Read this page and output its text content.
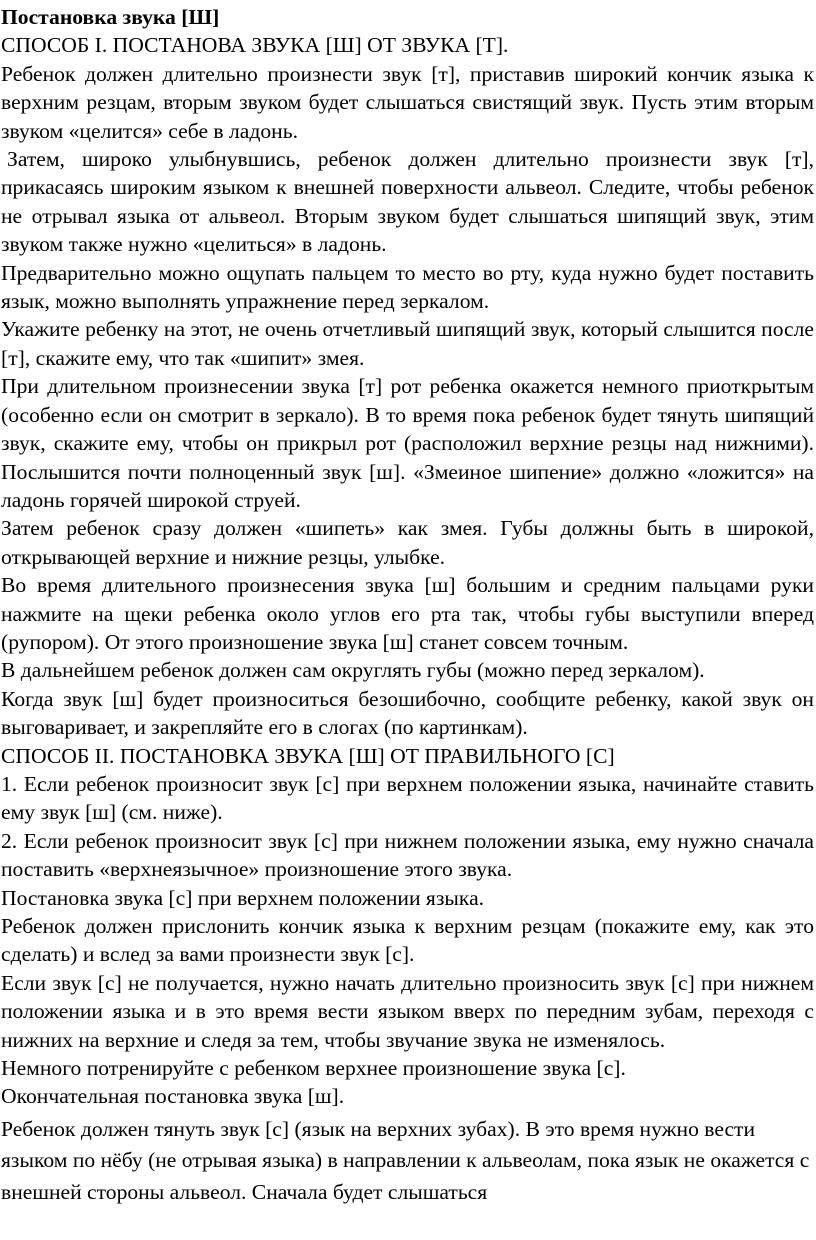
Постановка звука [Ш]

СПОСОБ I. ПОСТАНОВА ЗВУКА [Ш] ОТ ЗВУКА [Т].

Ребенок должен длительно произнести звук [т], приставив широкий кончик языка к верхним резцам, вторым звуком будет слышаться свистящий звук. Пусть этим вторым звуком «целится» себе в ладонь.

Затем, широко улыбнувшись, ребенок должен длительно произнести звук [т], прикасаясь широким языком к внешней поверхности альвеол. Следите, чтобы ребенок не отрывал языка от альвеол. Вторым звуком будет слышаться шипящий звук, этим звуком также нужно «целиться» в ладонь.

Предварительно можно ощупать пальцем то место во рту, куда нужно будет поставить язык, можно выполнять упражнение перед зеркалом.

Укажите ребенку на этот, не очень отчетливый шипящий звук, который слышится после [т], скажите ему, что так «шипит» змея.

При длительном произнесении звука [т] рот ребенка окажется немного приоткрытым (особенно если он смотрит в зеркало). В то время пока ребенок будет тянуть шипящий звук, скажите ему, чтобы он прикрыл рот (расположил верхние резцы над нижними). Послышится почти полноценный звук [ш]. «Змеиное шипение» должно «ложится» на ладонь горячей широкой струей.

Затем ребенок сразу должен «шипеть» как змея. Губы должны быть в широкой, открывающей верхние и нижние резцы, улыбке.

Во время длительного произнесения звука [ш] большим и средним пальцами руки нажмите на щеки ребенка около углов его рта так, чтобы губы выступили вперед (рупором). От этого произношение звука [ш] станет совсем точным.

В дальнейшем ребенок должен сам округлять губы (можно перед зеркалом).

Когда звук [ш] будет произноситься безошибочно, сообщите ребенку, какой звук он выговаривает, и закрепляйте его в слогах (по картинкам).

СПОСОБ II. ПОСТАНОВКА ЗВУКА [Ш] ОТ ПРАВИЛЬНОГО [С]

1. Если ребенок произносит звук [с] при верхнем положении языка, начинайте ставить ему звук [ш] (см. ниже).

2. Если ребенок произносит звук [с] при нижнем положении языка, ему нужно сначала поставить «верхнеязычное» произношение этого звука.

Постановка звука [с] при верхнем положении языка.

Ребенок должен прислонить кончик языка к верхним резцам (покажите ему, как это сделать) и вслед за вами произнести звук [с].

Если звук [с] не получается, нужно начать длительно произносить звук [с] при нижнем положении языка и в это время вести языком вверх по передним зубам, переходя с нижних на верхние и следя за тем, чтобы звучание звука не изменялось.

Немного потренируйте с ребенком верхнее произношение звука [с].

Окончательная постановка звука [ш].

Ребенок должен тянуть звук [с] (язык на верхних зубах). В это время нужно вести языком по нёбу (не отрывая языка) в направлении к альвеолам, пока язык не окажется с внешней стороны альвеол. Сначала будет слышаться
